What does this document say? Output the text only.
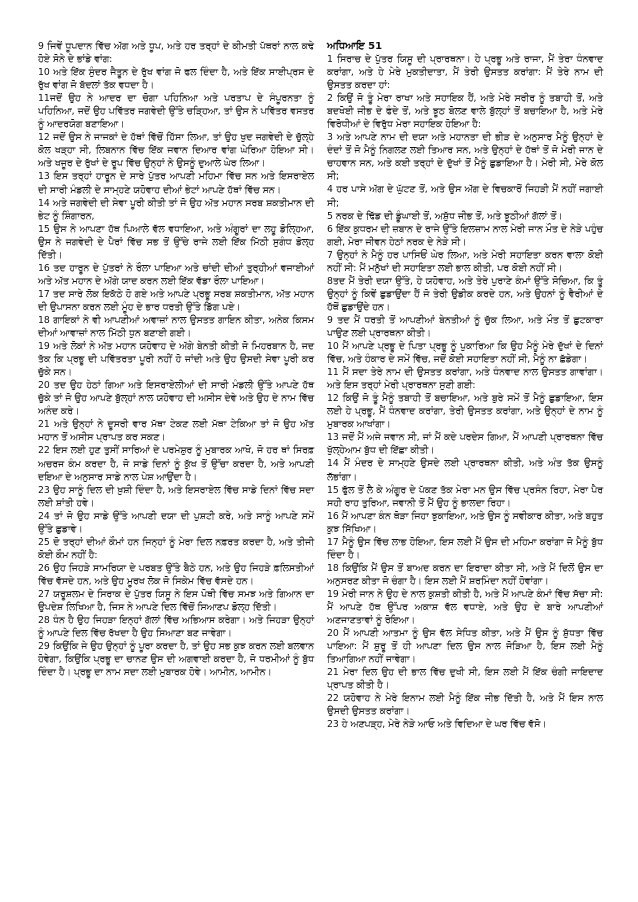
9 ਜਿਵੇਂ ਧੂਪਦਾਨ ਵਿੱਚ ਅੱਗ ਅਤੇ ਧੂਪ, ਅਤੇ ਹਰ ਤਰ੍ਹਾਂ ਦੇ ਕੀਮਤੀ ਪੱਥਰਾਂ ਨਾਲ ਕਢੇ ਹੋਏ ਸੋਨੇ ਦੇ ਭਾਂਡੇ ਵਾਂਗ:

10 ਅਤੇ ਇੱਕ ਸੁੰਦਰ ਜੈਤੂਨ ਦੇ ਰੁੱਖ ਵਾਂਗ ਜੋ ਫਲ ਦਿੰਦਾ ਹੈ, ਅਤੇ ਇੱਕ ਸਾਈਪ੍ਰਸ ਦੇ ਰੁੱਖ ਵਾਂਗ ਜੋ ਬੱਦਲਾਂ ਤੱਕ ਵਧਦਾ ਹੈ।

11ਜਦੋਂ ਉਹ ਨੇ ਆਦਰ ਦਾ ਚੋਗਾ ਪਹਿਨਿਆ ਅਤੇ ਪਰਤਾਪ ਦੇ ਸੰਪੂਰਨਤਾ ਨੂੰ ਪਹਿਨਿਆ, ਜਦੋਂ ਉਹ ਪਵਿੱਤਰ ਜਗਵੇਦੀ ਉੱਤੇ ਚੜ੍ਹਿਆ, ਤਾਂ ਉਸ ਨੇ ਪਵਿੱਤਰ ਵਸਤਰ ਨੂੰ ਆਦਰਯੋਗ ਬਣਾਇਆ।

12 ਜਦੋਂ ਉਸ ਨੇ ਜਾਜਕਾਂ ਦੇ ਹੱਥਾਂ ਵਿੱਚੋਂ ਹਿੱਸਾ ਲਿਆ, ਤਾਂ ਉਹ ਖੁਦ ਜਗਵੇਦੀ ਦੇ ਚੁੱਲ੍ਹੇ ਕੋਲ ਖੜ੍ਹਾ ਸੀ, ਲਿਬਨਾਨ ਵਿੱਚ ਇੱਕ ਜਵਾਨ ਦਿਆਰ ਵਾਂਗ ਘੇਰਿਆ ਹੋਇਆ ਸੀ। ਅਤੇ ਖਜੂਰ ਦੇ ਰੁੱਖਾਂ ਦੇ ਰੂਪ ਵਿੱਚ ਉਨ੍ਹਾਂ ਨੇ ਉਸਨੂੰ ਦੁਆਲੇ ਘੇਰ ਲਿਆ।

13 ਇਸ ਤਰ੍ਹਾਂ ਹਾਰੂਨ ਦੇ ਸਾਰੇ ਪੁੱਤਰ ਆਪਣੀ ਮਹਿਮਾ ਵਿੱਚ ਸਨ ਅਤੇ ਇਸਰਾਏਲ ਦੀ ਸਾਰੀ ਮੰਡਲੀ ਦੇ ਸਾਮ੍ਹਣੇ ਯਹੋਵਾਹ ਦੀਆਂ ਭੇਟਾਂ ਆਪਣੇ ਹੱਥਾਂ ਵਿੱਚ ਸਨ।

14 ਅਤੇ ਜਗਵੇਦੀ ਦੀ ਸੇਵਾ ਪੂਰੀ ਕੀਤੀ ਤਾਂ ਜੋ ਉਹ ਅੱਤ ਮਹਾਨ ਸਰਬ ਸ਼ਕਤੀਮਾਨ ਦੀ ਭੇਟ ਨੂੰ ਸ਼ਿੰਗਾਰਨ,

15 ਉਸ ਨੇ ਆਪਣਾ ਹੱਥ ਪਿਆਲੇ ਵੱਲ ਵਧਾਇਆ, ਅਤੇ ਅੰਗੂਰਾਂ ਦਾ ਲਹੂ ਡੋਲ੍ਹਿਆ, ਉਸ ਨੇ ਜਗਵੇਦੀ ਦੇ ਪੈਰਾਂ ਵਿੱਚ ਸਭ ਤੋਂ ਉੱਚੇ ਰਾਜੇ ਲਈ ਇੱਕ ਮਿੱਠੀ ਸੁਗੰਧ ਡੋਲ੍ਹ ਦਿੱਤੀ।

16 ਤਦ ਹਾਰੂਨ ਦੇ ਪੁੱਤਰਾਂ ਨੇ ਰੌਲਾ ਪਾਇਆ ਅਤੇ ਚਾਂਦੀ ਦੀਆਂ ਤੁਰ੍ਹੀਆਂ ਵਜਾਈਆਂ ਅਤੇ ਅੱਤ ਮਹਾਨ ਦੇ ਅੱਗੇ ਯਾਦ ਕਰਨ ਲਈ ਇੱਕ ਵੱਡਾ ਰੌਲਾ ਪਾਇਆ।

17 ਤਦ ਸਾਰੇ ਲੋਕ ਇਕੱਠੇ ਹੋ ਗਏ ਅਤੇ ਆਪਣੇ ਪ੍ਰਭੂ ਸਰਬ ਸ਼ਕਤੀਮਾਨ, ਅੱਤ ਮਹਾਨ ਦੀ ਉਪਾਸਨਾ ਕਰਨ ਲਈ ਮੂੰਹ ਦੇ ਭਾਰ ਧਰਤੀ ਉੱਤੇ ਡਿੱਗ ਪਏ।

18 ਗਾਇਕਾਂ ਨੇ ਵੀ ਆਪਣੀਆਂ ਅਵਾਜ਼ਾਂ ਨਾਲ ਉਸਤਤ ਗਾਇਨ ਕੀਤਾ, ਅਨੇਕ ਕਿਸਮ ਦੀਆਂ ਆਵਾਜ਼ਾਂ ਨਾਲ ਮਿੱਠੀ ਧੁਨ ਬਣਾਈ ਗਈ।

19 ਅਤੇ ਲੋਕਾਂ ਨੇ ਅੱਤ ਮਹਾਨ ਯਹੋਵਾਹ ਦੇ ਅੱਗੇ ਬੇਨਤੀ ਕੀਤੀ ਜੋ ਮਿਹਰਬਾਨ ਹੈ, ਜਦ ਤੱਕ ਕਿ ਪ੍ਰਭੂ ਦੀ ਪਵਿੱਤਰਤਾ ਪੂਰੀ ਨਹੀਂ ਹੋ ਜਾਂਦੀ ਅਤੇ ਉਹ ਉਸਦੀ ਸੇਵਾ ਪੂਰੀ ਕਰ ਚੁੱਕੇ ਸਨ।

20 ਤਦ ਉਹ ਹੇਠਾਂ ਗਿਆ ਅਤੇ ਇਸਰਾਏਲੀਆਂ ਦੀ ਸਾਰੀ ਮੰਡਲੀ ਉੱਤੇ ਆਪਣੇ ਹੱਥ ਚੁੱਕੇ ਤਾਂ ਜੋ ਉਹ ਆਪਣੇ ਬੁੱਲ੍ਹਾਂ ਨਾਲ ਯਹੋਵਾਹ ਦੀ ਅਸੀਸ ਦੇਵੇ ਅਤੇ ਉਹ ਦੇ ਨਾਮ ਵਿੱਚ ਅਨੰਦ ਕਰੇ।

21 ਅਤੇ ਉਨ੍ਹਾਂ ਨੇ ਦੂਸਰੀ ਵਾਰ ਮੱਥਾ ਟੇਕਣ ਲਈ ਮੱਥਾ ਟੇਕਿਆ ਤਾਂ ਜੋ ਉਹ ਅੱਤ ਮਹਾਨ ਤੋਂ ਅਸੀਸ ਪ੍ਰਾਪਤ ਕਰ ਸਕਣ।

22 ਇਸ ਲਈ ਹੁਣ ਤੁਸੀਂ ਸਾਰਿਆਂ ਦੇ ਪਰਮੇਸ਼ੁਰ ਨੂੰ ਮੁਬਾਰਕ ਆਖੋ, ਜੋ ਹਰ ਥਾਂ ਸਿਰਫ਼ ਅਚਰਜ ਕੰਮ ਕਰਦਾ ਹੈ, ਜੋ ਸਾਡੇ ਦਿਨਾਂ ਨੂੰ ਕੁੱਖ ਤੋਂ ਉੱਚਾ ਕਰਦਾ ਹੈ, ਅਤੇ ਆਪਣੀ ਦਇਆ ਦੇ ਅਨੁਸਾਰ ਸਾਡੇ ਨਾਲ ਪੇਸ਼ ਆਉਂਦਾ ਹੈ।

23 ਉਹ ਸਾਨੂੰ ਦਿਲ ਦੀ ਖ਼ੁਸ਼ੀ ਦਿੰਦਾ ਹੈ, ਅਤੇ ਇਸਰਾਏਲ ਵਿੱਚ ਸਾਡੇ ਦਿਨਾਂ ਵਿੱਚ ਸਦਾ ਲਈ ਸ਼ਾਂਤੀ ਹਵੇ।

24 ਤਾਂ ਜੋ ਉਹ ਸਾਡੇ ਉੱਤੇ ਆਪਣੀ ਦਯਾ ਦੀ ਪੁਸ਼ਟੀ ਕਰੇ, ਅਤੇ ਸਾਨੂੰ ਆਪਣੇ ਸਮੇਂ ਉੱਤੇ ਛੁਡਾਵੇ।

25 ਦੋ ਤਰ੍ਹਾਂ ਦੀਆਂ ਕੌਮਾਂ ਹਨ ਜਿਨ੍ਹਾਂ ਨੂੰ ਮੇਰਾ ਦਿਲ ਨਫ਼ਰਤ ਕਰਦਾ ਹੈ, ਅਤੇ ਤੀਜੀ ਕੋਈ ਕੌਮ ਨਹੀਂ ਹੈ:

26 ਉਹ ਜਿਹੜੇ ਸਾਮਰਿਯਾ ਦੇ ਪਰਬਤ ਉੱਤੇ ਬੈਠੇ ਹਨ, ਅਤੇ ਉਹ ਜਿਹੜੇ ਫ਼ਲਿਸਤੀਆਂ ਵਿੱਚ ਵੱਸਦੇ ਹਨ, ਅਤੇ ਉਹ ਮੂਰਖ ਲੋਕ ਜੋ ਸਿਕੇਮ ਵਿੱਚ ਵੱਸਦੇ ਹਨ।

27 ਯਰੂਸ਼ਲਮ ਦੇ ਸਿਰਾਕ ਦੇ ਪੁੱਤਰ ਯਿਸੂ ਨੇ ਇਸ ਪੋਥੀ ਵਿੱਚ ਸਮਝ ਅਤੇ ਗਿਆਨ ਦਾ ਉਪਦੇਸ਼ ਲਿਖਿਆ ਹੈ, ਜਿਸ ਨੇ ਆਪਣੇ ਦਿਲ ਵਿੱਚੋਂ ਸਿਆਣਪ ਡੋਲ੍ਹ ਦਿੱਤੀ।

28 ਧੰਨ ਹੈ ਉਹ ਜਿਹੜਾ ਇਨ੍ਹਾਂ ਗੱਲਾਂ ਵਿੱਚ ਅਭਿਆਸ ਕਰੇਗਾ। ਅਤੇ ਜਿਹੜਾ ਉਨ੍ਹਾਂ ਨੂੰ ਆਪਣੇ ਦਿਲ ਵਿੱਚ ਰੱਖਦਾ ਹੈ ਉਹ ਸਿਆਣਾ ਬਣ ਜਾਵੇਗਾ।

29 ਕਿਉਂਕਿ ਜੇ ਉਹ ਉਨ੍ਹਾਂ ਨੂੰ ਪੂਰਾ ਕਰਦਾ ਹੈ, ਤਾਂ ਉਹ ਸਭ ਕੁਝ ਕਰਨ ਲਈ ਬਲਵਾਨ ਹੋਵੇਗਾ, ਕਿਉਂਕਿ ਪ੍ਰਭੂ ਦਾ ਚਾਨਣ ਉਸ ਦੀ ਅਗਵਾਈ ਕਰਦਾ ਹੈ, ਜੋ ਧਰਮੀਆਂ ਨੂੰ ਬੁੱਧ ਦਿੰਦਾ ਹੈ। ਪ੍ਰਭੂ ਦਾ ਨਾਮ ਸਦਾ ਲਈ ਮੁਬਾਰਕ ਹੋਵੇ। ਆਮੀਨ, ਆਮੀਨ।

ਅਧਿਆਇ 51

1 ਸਿਰਾਚ ਦੇ ਪੁੱਤਰ ਯਿਸੂ ਦੀ ਪ੍ਰਾਰਥਨਾ। ਹੇ ਪ੍ਰਭੂ ਅਤੇ ਰਾਜਾ, ਮੈਂ ਤੇਰਾ ਧੰਨਵਾਦ ਕਰਾਂਗਾ, ਅਤੇ ਹੇ ਮੇਰੇ ਮੁਕਤੀਦਾਤਾ, ਮੈਂ ਤੇਰੀ ਉਸਤਤ ਕਰਾਂਗਾ: ਮੈਂ ਤੇਰੇ ਨਾਮ ਦੀ ਉਸਤਤ ਕਰਦਾ ਹਾਂ:

2 ਕਿਉਂ ਜੋ ਤੂੰ ਮੇਰਾ ਰਾਖਾ ਅਤੇ ਸਹਾਇਕ ਹੈਂ, ਅਤੇ ਮੇਰੇ ਸਰੀਰ ਨੂੰ ਤਬਾਹੀ ਤੋਂ, ਅਤੇ ਬਦਖੋਈ ਜੀਭ ਦੇ ਫੰਦੇ ਤੋਂ, ਅਤੇ ਝੂਠ ਬੋਲਣ ਵਾਲੇ ਬੁੱਲ੍ਹਾਂ ਤੋਂ ਬਚਾਇਆ ਹੈ, ਅਤੇ ਮੇਰੇ ਵਿਰੋਧੀਆਂ ਦੇ ਵਿਰੁੱਧ ਮੇਰਾ ਸਹਾਇਕ ਹੋਇਆ ਹੈ:

3 ਅਤੇ ਆਪਣੇ ਨਾਮ ਦੀ ਦਯਾ ਅਤੇ ਮਹਾਨਤਾ ਦੀ ਭੀੜ ਦੇ ਅਨੁਸਾਰ ਮੈਨੂੰ ਉਨ੍ਹਾਂ ਦੇ ਦੰਦਾਂ ਤੋਂ ਜੋ ਮੈਨੂੰ ਨਿਗਲਣ ਲਈ ਤਿਆਰ ਸਨ, ਅਤੇ ਉਨ੍ਹਾਂ ਦੇ ਹੱਥਾਂ ਤੋਂ ਜੋ ਮੇਰੀ ਜਾਨ ਦੇ ਚਾਹਵਾਨ ਸਨ, ਅਤੇ ਕਈ ਤਰ੍ਹਾਂ ਦੇ ਦੁੱਖਾਂ ਤੋਂ ਮੈਨੂੰ ਛੁਡਾਇਆ ਹੈ। ਮੇਰੀ ਸੀ, ਮੇਰੇ ਕੋਲ ਸੀ;

4 ਹਰ ਪਾਸੇ ਅੱਗ ਦੇ ਘੁੱਟਣ ਤੋਂ, ਅਤੇ ਉਸ ਅੱਗ ਦੇ ਵਿਚਕਾਰੋਂ ਜਿਹੜੀ ਮੈਂ ਨਹੀਂ ਜਗਾਈ ਸੀ;

5 ਨਰਕ ਦੇ ਢਿੱਡ ਦੀ ਡੂੰਘਾਈ ਤੋਂ, ਅਸ਼ੁੱਧ ਜੀਭ ਤੋਂ, ਅਤੇ ਝੂਠੀਆਂ ਗੱਲਾਂ ਤੋਂ।

6 ਇੱਕ ਕੁਧਰਮ ਦੀ ਜ਼ਬਾਨ ਦੇ ਰਾਜੇ ਉੱਤੇ ਇਲਜ਼ਾਮ ਨਾਲ ਮੇਰੀ ਜਾਨ ਮੌਤ ਦੇ ਨੇੜੇ ਪਹੁੰਚ ਗਈ, ਮੇਰਾ ਜੀਵਨ ਹੇਠਾਂ ਨਰਕ ਦੇ ਨੇੜੇ ਸੀ।

7 ਉਨ੍ਹਾਂ ਨੇ ਮੈਨੂੰ ਹਰ ਪਾਸਿਓਂ ਘੇਰ ਲਿਆ, ਅਤੇ ਮੇਰੀ ਸਹਾਇਤਾ ਕਰਨ ਵਾਲਾ ਕੋਈ ਨਹੀਂ ਸੀ: ਮੈਂ ਮਨੁੱਖਾਂ ਦੀ ਸਹਾਇਤਾ ਲਈ ਭਾਲ ਕੀਤੀ, ਪਰ ਕੋਈ ਨਹੀਂ ਸੀ।

8ਤਦ ਮੈਂ ਤੇਰੀ ਦਯਾ ਉੱਤੇ, ਹੇ ਯਹੋਵਾਹ, ਅਤੇ ਤੇਰੇ ਪੁਰਾਣੇ ਕੰਮਾਂ ਉੱਤੇ ਸੋਚਿਆ, ਕਿ ਤੂੰ ਉਨ੍ਹਾਂ ਨੂੰ ਕਿਵੇਂ ਛੁਡਾਉਂਦਾ ਹੈਂ ਜੋ ਤੇਰੀ ਉਡੀਕ ਕਰਦੇ ਹਨ, ਅਤੇ ਉਹਨਾਂ ਨੂੰ ਵੈਰੀਆਂ ਦੇ ਹੱਥੋਂ ਛੁਡਾਉਂਦੇ ਹਨ।

9 ਤਦ ਮੈਂ ਧਰਤੀ ਤੋਂ ਆਪਣੀਆਂ ਬੇਨਤੀਆਂ ਨੂੰ ਚੁੱਕ ਲਿਆ, ਅਤੇ ਮੌਤ ਤੋਂ ਛੁਟਕਾਰਾ ਪਾਉਣ ਲਈ ਪ੍ਰਾਰਥਨਾ ਕੀਤੀ।

10 ਮੈਂ ਆਪਣੇ ਪ੍ਰਭੂ ਦੇ ਪਿਤਾ ਪ੍ਰਭੂ ਨੂੰ ਪੁਕਾਰਿਆ ਕਿ ਉਹ ਮੈਨੂੰ ਮੇਰੇ ਦੁੱਖਾਂ ਦੇ ਦਿਨਾਂ ਵਿੱਚ, ਅਤੇ ਹੰਕਾਰ ਦੇ ਸਮੇਂ ਵਿੱਚ, ਜਦੋਂ ਕੋਈ ਸਹਾਇਤਾ ਨਹੀਂ ਸੀ, ਮੈਨੂੰ ਨਾ ਛੱਡੇਗਾ।

11 ਮੈਂ ਸਦਾ ਤੇਰੇ ਨਾਮ ਦੀ ਉਸਤਤ ਕਰਾਂਗਾ, ਅਤੇ ਧੰਨਵਾਦ ਨਾਲ ਉਸਤਤ ਗਾਵਾਂਗਾ। ਅਤੇ ਇਸ ਤਰ੍ਹਾਂ ਮੇਰੀ ਪ੍ਰਾਰਥਨਾ ਸੁਣੀ ਗਈ:

12 ਕਿਉਂ ਜੋ ਤੂੰ ਮੈਨੂੰ ਤਬਾਹੀ ਤੋਂ ਬਚਾਇਆ, ਅਤੇ ਬੁਰੇ ਸਮੇਂ ਤੋਂ ਮੈਨੂੰ ਛੁਡਾਇਆ, ਇਸ ਲਈ ਹੇ ਪ੍ਰਭੂ, ਮੈਂ ਧੰਨਵਾਦ ਕਰਾਂਗਾ, ਤੇਰੀ ਉਸਤਤ ਕਰਾਂਗਾ, ਅਤੇ ਉਨ੍ਹਾਂ ਦੇ ਨਾਮ ਨੂੰ ਮੁਬਾਰਕ ਆਖਾਂਗਾ।

13 ਜਦੋਂ ਮੈਂ ਅਜੇ ਜਵਾਨ ਸੀ, ਜਾਂ ਮੈਂ ਕਦੇ ਪਰਦੇਸ ਗਿਆ, ਮੈਂ ਆਪਣੀ ਪ੍ਰਾਰਥਨਾ ਵਿੱਚ ਖੁੱਲ੍ਹੇਆਮ ਬੁੱਧ ਦੀ ਇੱਛਾ ਕੀਤੀ।

14 ਮੈਂ ਮੰਦਰ ਦੇ ਸਾਮ੍ਹਣੇ ਉਸਦੇ ਲਈ ਪ੍ਰਾਰਥਨਾ ਕੀਤੀ, ਅਤੇ ਅੰਤ ਤੱਕ ਉਸਨੂੰ ਲੱਭਾਂਗਾ।

15 ਫੁੱਲ ਤੋਂ ਲੈ ਕੇ ਅੰਗੂਰ ਦੇ ਪੱਕਣ ਤੱਕ ਮੇਰਾ ਮਨ ਉਸ ਵਿੱਚ ਪ੍ਰਸੰਨ ਰਿਹਾ, ਮੇਰਾ ਪੈਰ ਸਹੀ ਰਾਹ ਤੁਰਿਆ, ਜਵਾਨੀ ਤੋਂ ਮੈਂ ਉਹ ਨੂੰ ਭਾਲਦਾ ਰਿਹਾ।

16 ਮੈਂ ਆਪਣਾ ਕੰਨ ਥੋੜਾ ਜਿਹਾ ਝੁਕਾਇਆ, ਅਤੇ ਉਸ ਨੂੰ ਸਵੀਕਾਰ ਕੀਤਾ, ਅਤੇ ਬਹੁਤ ਕੁਝ ਸਿੱਖਿਆ।

17 ਮੈਨੂੰ ਉਸ ਵਿੱਚ ਲਾਭ ਹੋਇਆ, ਇਸ ਲਈ ਮੈਂ ਉਸ ਦੀ ਮਹਿਮਾ ਕਰਾਂਗਾ ਜੋ ਮੈਨੂੰ ਬੁੱਧ ਦਿੰਦਾ ਹੈ।

18 ਕਿਉਂਕਿ ਮੈਂ ਉਸ ਤੋਂ ਬਾਅਦ ਕਰਨ ਦਾ ਇਰਾਦਾ ਕੀਤਾ ਸੀ, ਅਤੇ ਮੈਂ ਦਿਲੋਂ ਉਸ ਦਾ ਅਨੁਸਰਣ ਕੀਤਾ ਜੋ ਚੰਗਾ ਹੈ। ਇਸ ਲਈ ਮੈਂ ਸ਼ਰਮਿੰਦਾ ਨਹੀਂ ਹੋਵਾਂਗਾ।

19 ਮੇਰੀ ਜਾਨ ਨੇ ਉਹ ਦੇ ਨਾਲ ਕੁਸ਼ਤੀ ਕੀਤੀ ਹੈ, ਅਤੇ ਮੈਂ ਆਪਣੇ ਕੰਮਾਂ ਵਿੱਚ ਸੱਚਾ ਸੀ: ਮੈਂ ਆਪਣੇ ਹੱਥ ਉੱਪਰ ਅਕਾਸ਼ ਵੱਲ ਵਧਾਏ, ਅਤੇ ਉਹ ਦੇ ਬਾਰੇ ਆਪਣੀਆਂ ਅਣਜਾਣਤਾਵਾਂ ਨੂੰ ਰੋਇਆ।

20 ਮੈਂ ਆਪਣੀ ਆਤਮਾ ਨੂੰ ਉਸ ਵੱਲ ਸੇਧਿਤ ਕੀਤਾ, ਅਤੇ ਮੈਂ ਉਸ ਨੂੰ ਸ਼ੁੱਧਤਾ ਵਿੱਚ ਪਾਇਆ: ਮੈਂ ਸ਼ੁਰੂ ਤੋਂ ਹੀ ਆਪਣਾ ਦਿਲ ਉਸ ਨਾਲ ਜੋੜਿਆ ਹੈ, ਇਸ ਲਈ ਮੈਨੂੰ ਤਿਆਗਿਆ ਨਹੀਂ ਜਾਵੇਗਾ।

21 ਮੇਰਾ ਦਿਲ ਉਹ ਦੀ ਭਾਲ ਵਿੱਚ ਦੁਖੀ ਸੀ, ਇਸ ਲਈ ਮੈਂ ਇੱਕ ਚੰਗੀ ਜਾਇਦਾਦ ਪ੍ਰਾਪਤ ਕੀਤੀ ਹੈ।

22 ਯਹੋਵਾਹ ਨੇ ਮੇਰੇ ਇਨਾਮ ਲਈ ਮੈਨੂੰ ਇੱਕ ਜੀਭ ਦਿੱਤੀ ਹੈ, ਅਤੇ ਮੈਂ ਇਸ ਨਾਲ ਉਸਦੀ ਉਸਤਤ ਕਰਾਂਗਾ।

23 ਹੇ ਅਣਪੜ੍ਹ, ਮੇਰੇ ਨੇੜੇ ਆਓ ਅਤੇ ਵਿਦਿਆ ਦੇ ਘਰ ਵਿੱਚ ਵੱਸੋ।
